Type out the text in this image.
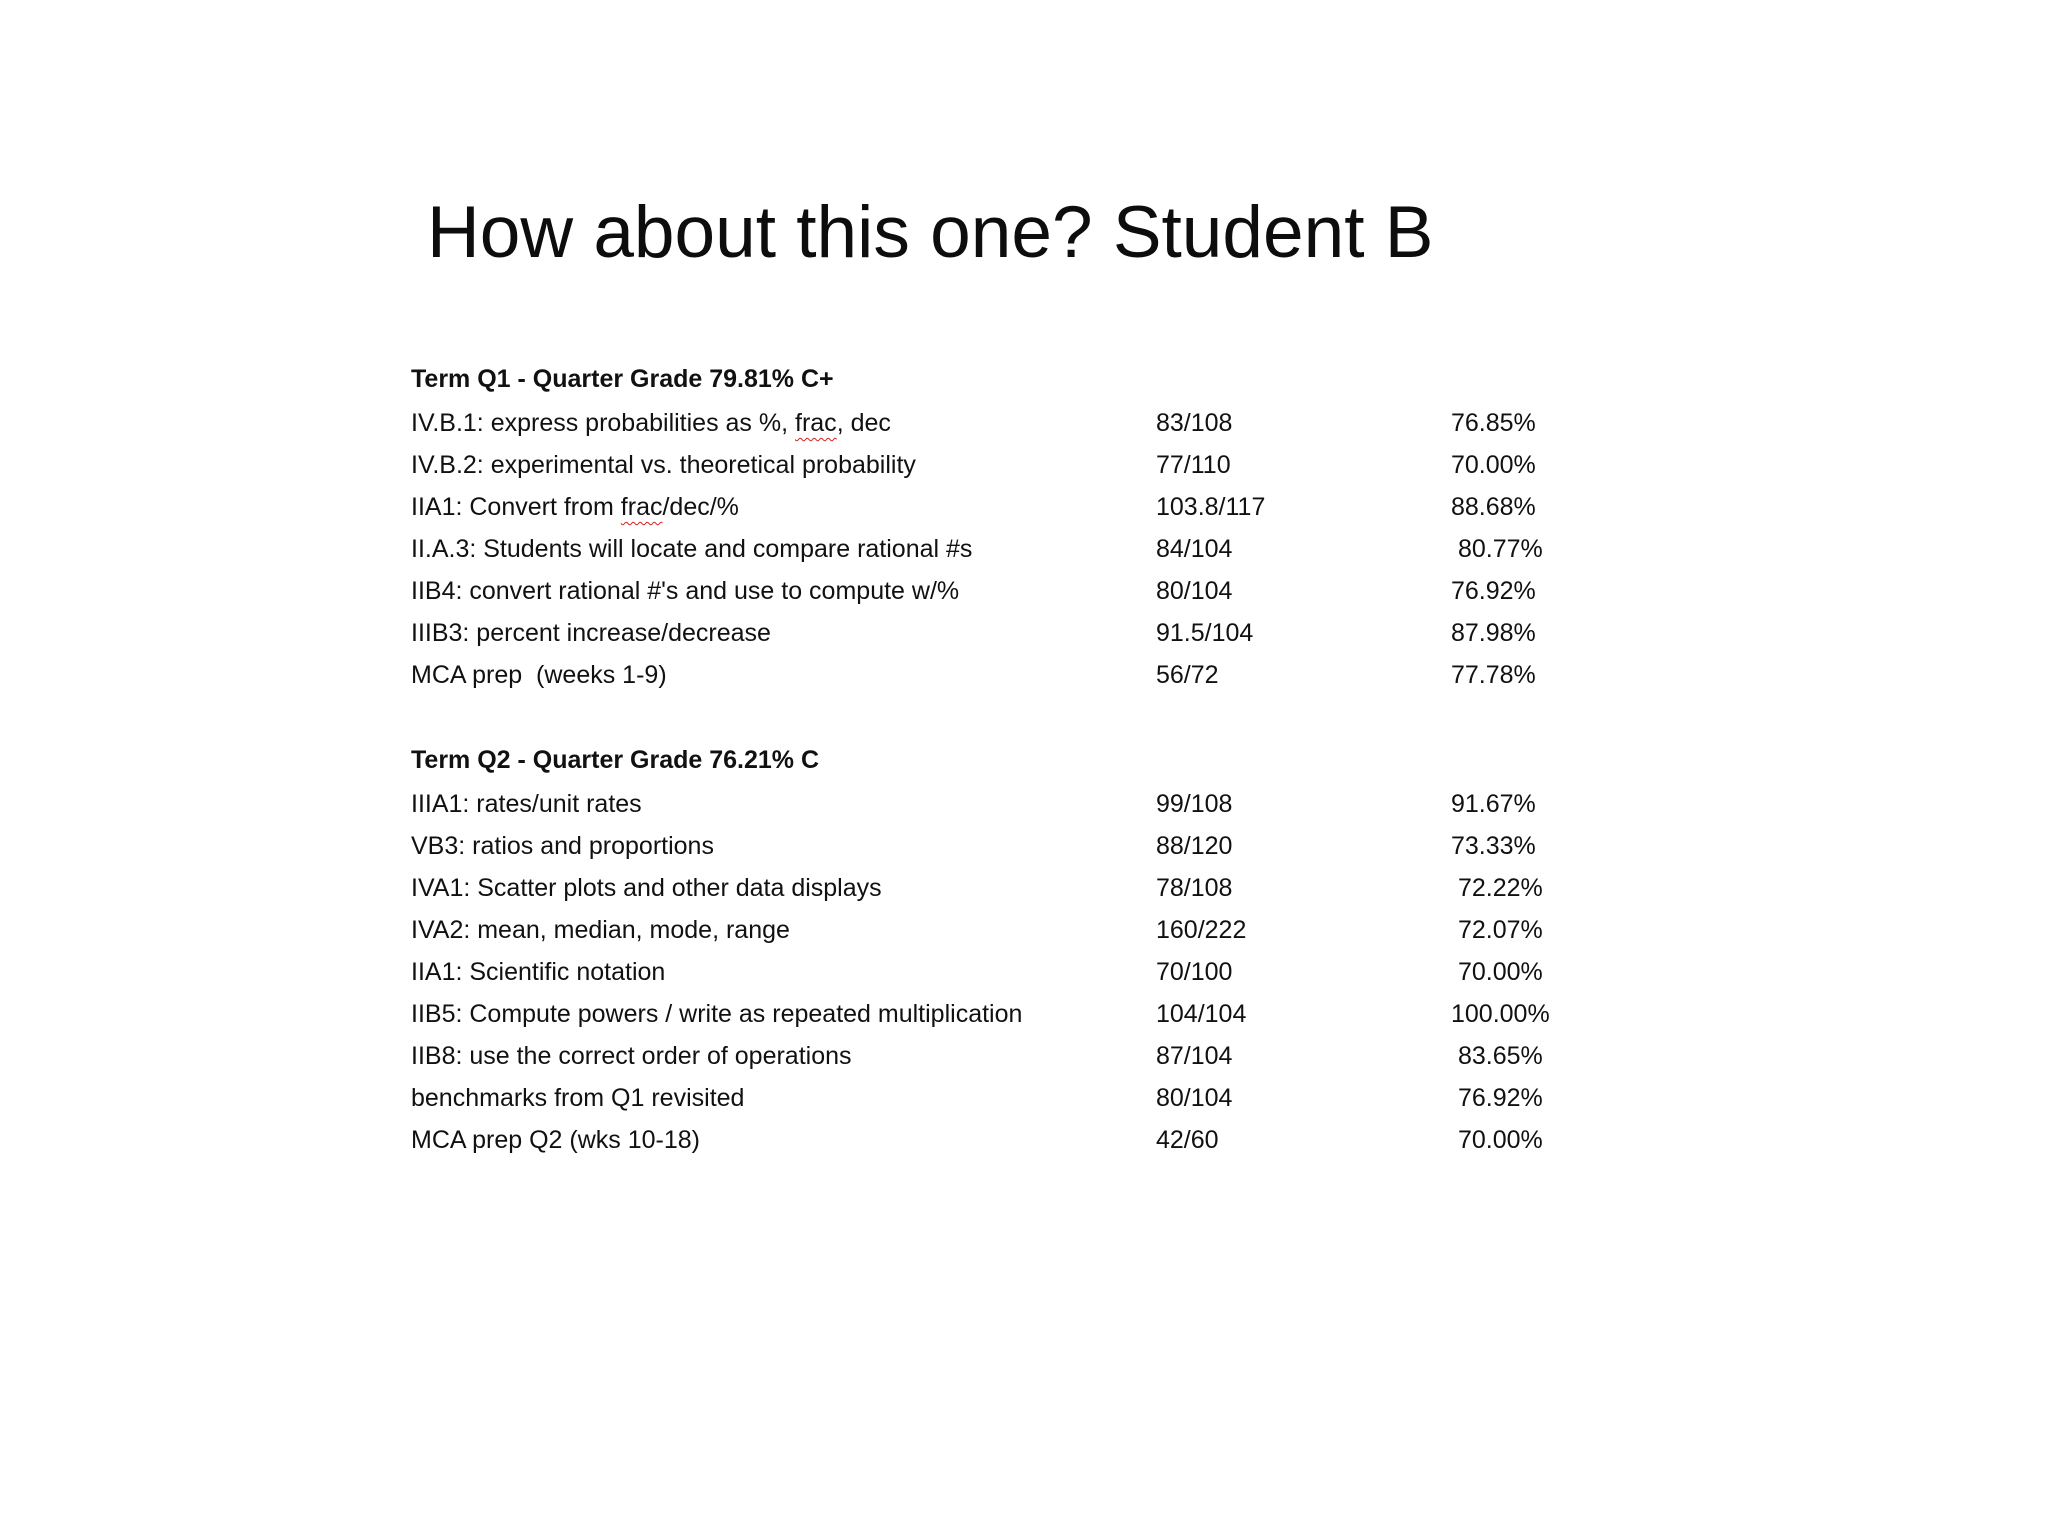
How about this one? Student B
Term Q1 - Quarter Grade 79.81% C+
IV.B.1: express probabilities as %, frac, dec	83/108	76.85%
IV.B.2: experimental vs. theoretical probability	77/110	70.00%
IIA1: Convert from frac/dec/%	103.8/117	88.68%
II.A.3: Students will locate and compare rational #s	84/104	80.77%
IIB4: convert rational #'s and use to compute w/%	80/104	76.92%
IIIB3: percent increase/decrease	91.5/104	87.98%
MCA prep  (weeks 1-9)	56/72	77.78%
Term Q2 - Quarter Grade 76.21% C
IIIA1: rates/unit rates	99/108	91.67%
VB3: ratios and proportions	88/120	73.33%
IVA1: Scatter plots and other data displays	78/108	72.22%
IVA2: mean, median, mode, range	160/222	72.07%
IIA1: Scientific notation	70/100	70.00%
IIB5: Compute powers / write as repeated multiplication	104/104	100.00%
IIB8: use the correct order of operations	87/104	83.65%
benchmarks from Q1 revisited	80/104	76.92%
MCA prep Q2 (wks 10-18)	42/60	70.00%
